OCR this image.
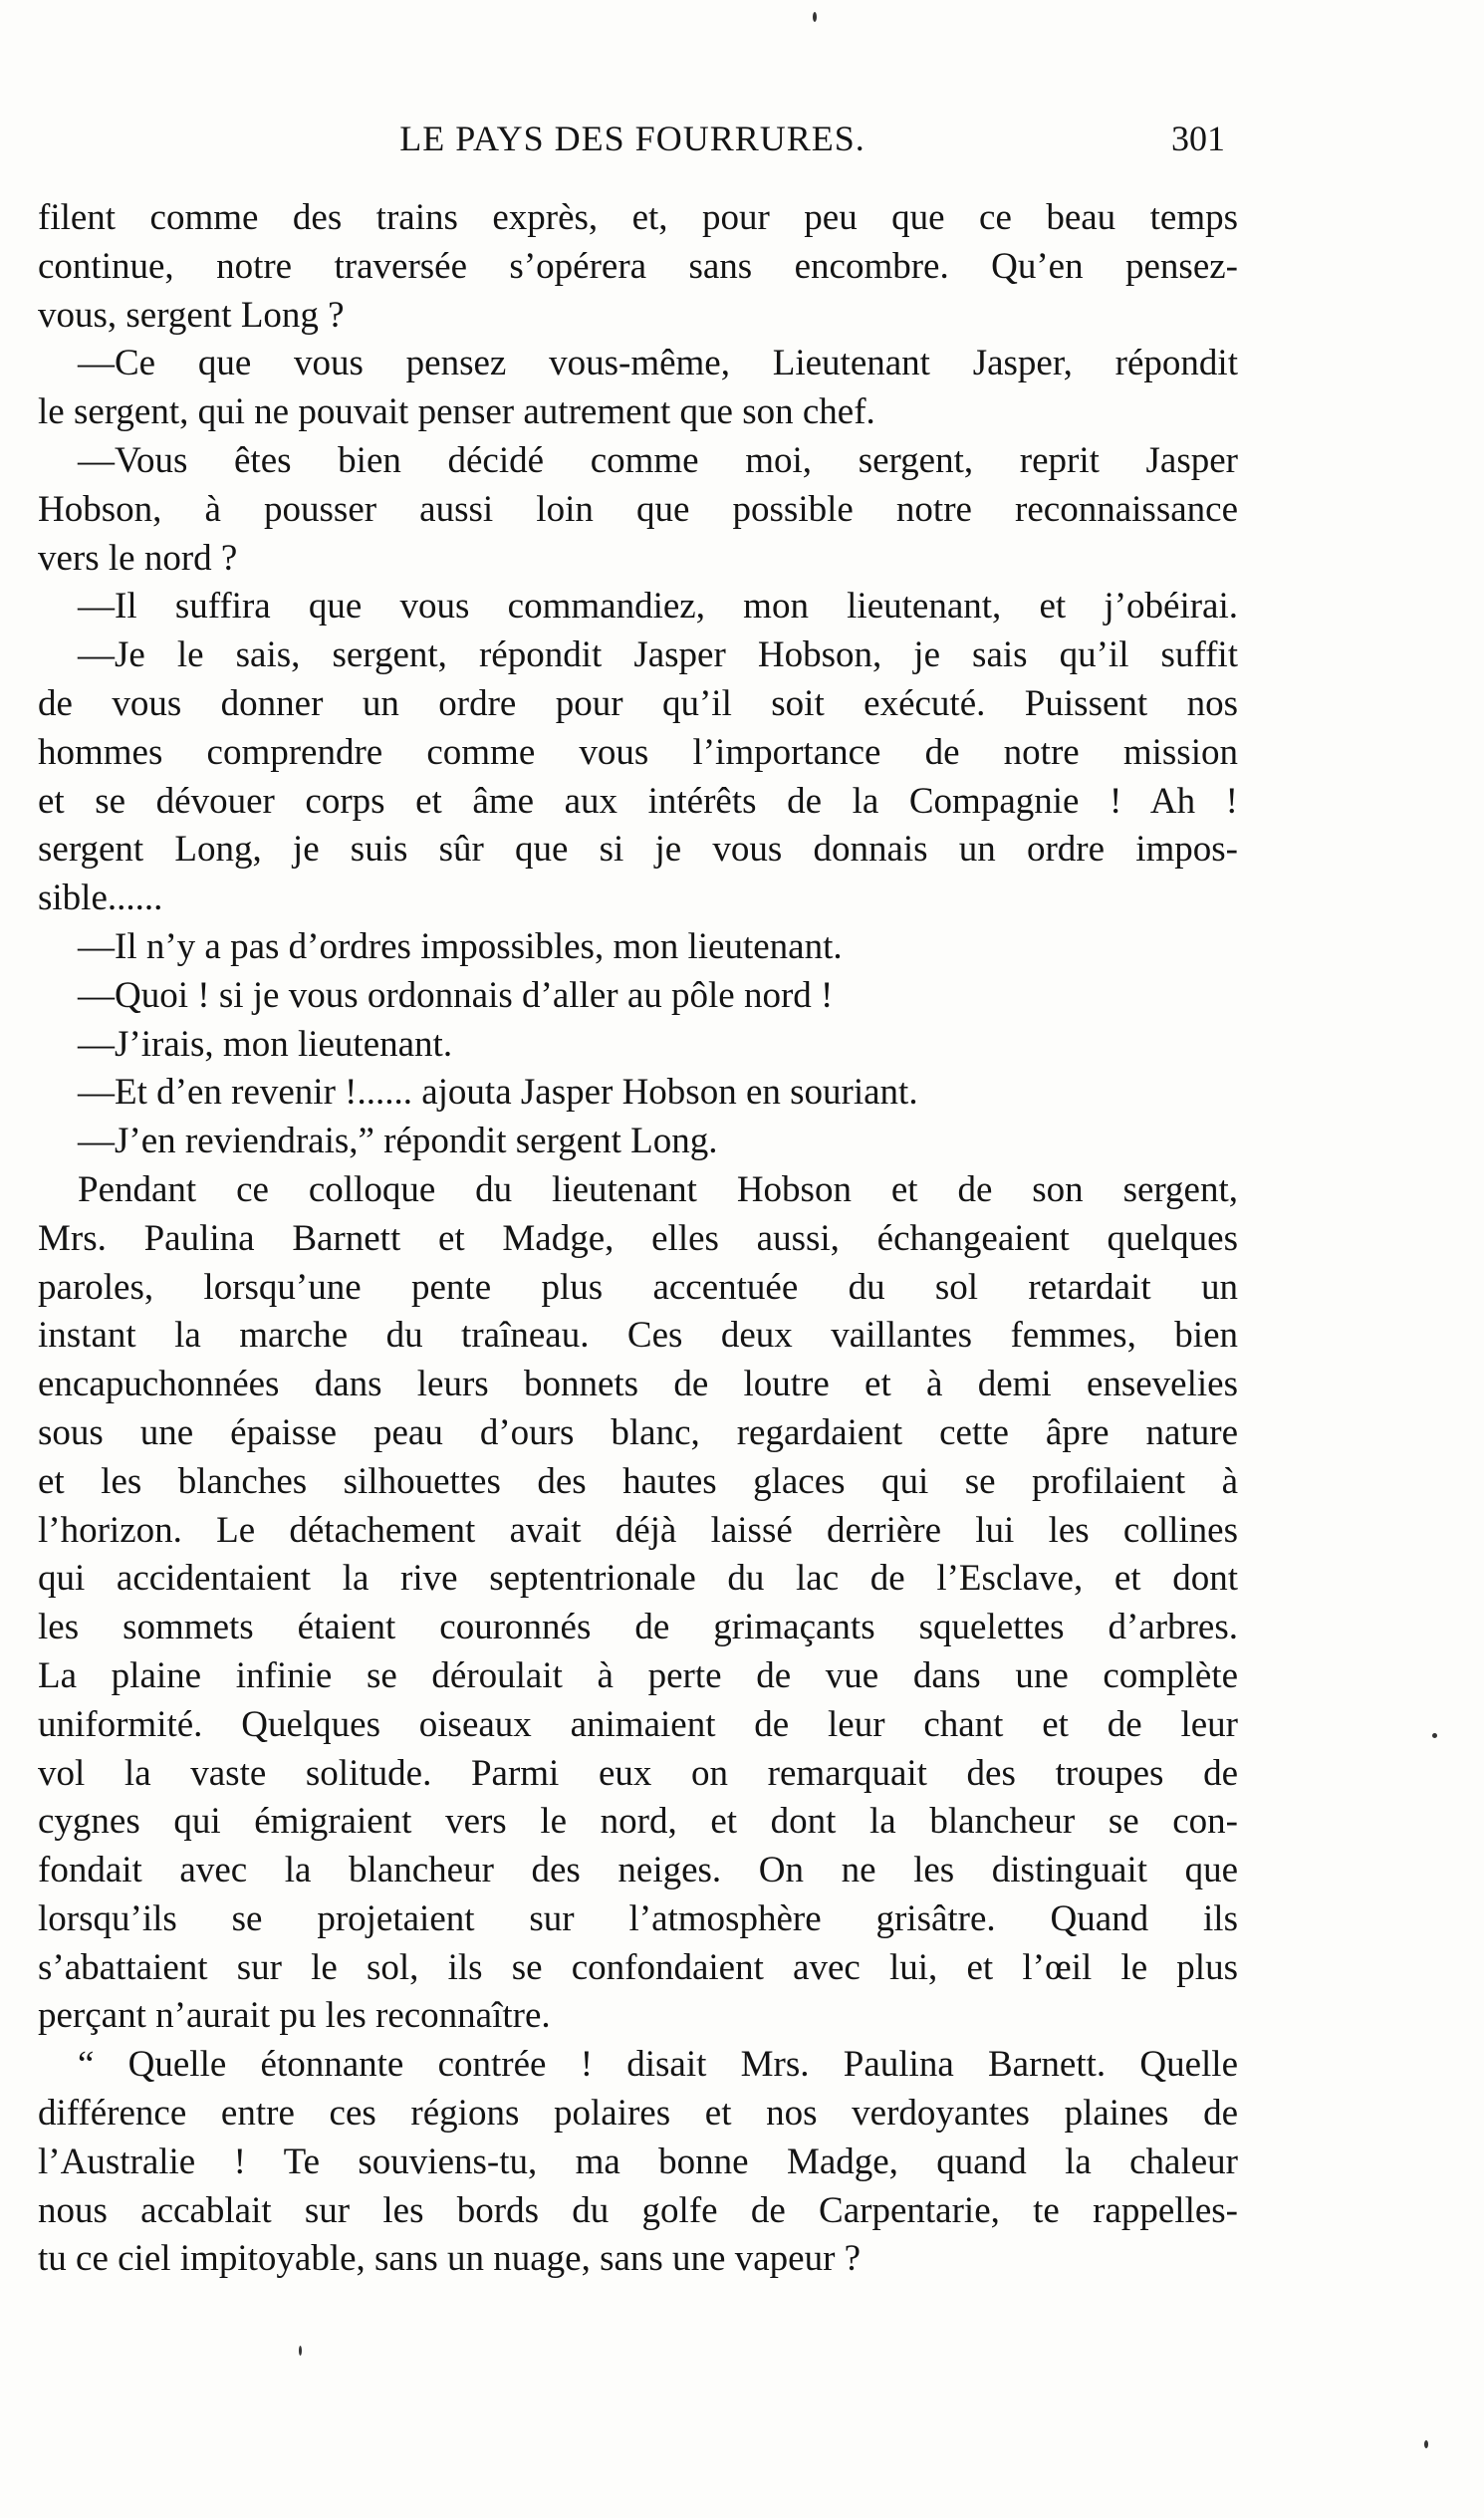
LE PAYS DES FOURRURES.	301
filent comme des trains exprès, et, pour peu que ce beau temps
continue, notre traversée s’opérera sans encombre. Qu’en pensez-
vous, sergent Long ?
—Ce que vous pensez vous-même, Lieutenant Jasper, répondit
le sergent, qui ne pouvait penser autrement que son chef.
—Vous êtes bien décidé comme moi, sergent, reprit Jasper
Hobson, à pousser aussi loin que possible notre reconnaissance
vers le nord ?
—Il suffira que vous commandiez, mon lieutenant, et j’obéirai.
—Je le sais, sergent, répondit Jasper Hobson, je sais qu’il suffit
de vous donner un ordre pour qu’il soit exécuté. Puissent nos
hommes comprendre comme vous l’importance de notre mission
et se dévouer corps et âme aux intérêts de la Compagnie ! Ah !
sergent Long, je suis sûr que si je vous donnais un ordre impos-
sible......
—Il n’y a pas d’ordres impossibles, mon lieutenant.
—Quoi ! si je vous ordonnais d’aller au pôle nord !
—J’irais, mon lieutenant.
—Et d’en revenir !...... ajouta Jasper Hobson en souriant.
—J’en reviendrais,” répondit sergent Long.
Pendant ce colloque du lieutenant Hobson et de son sergent,
Mrs. Paulina Barnett et Madge, elles aussi, échangeaient quelques
paroles, lorsqu’une pente plus accentuée du sol retardait un
instant la marche du traîneau. Ces deux vaillantes femmes, bien
encapuchonnées dans leurs bonnets de loutre et à demi ensevelies
sous une épaisse peau d’ours blanc, regardaient cette âpre nature
et les blanches silhouettes des hautes glaces qui se profilaient à
l’horizon. Le détachement avait déjà laissé derrière lui les collines
qui accidentaient la rive septentrionale du lac de l’Esclave, et dont
les sommets étaient couronnés de grimaçants squelettes d’arbres.
La plaine infinie se déroulait à perte de vue dans une complète
uniformité. Quelques oiseaux animaient de leur chant et de leur
vol la vaste solitude. Parmi eux on remarquait des troupes de
cygnes qui émigraient vers le nord, et dont la blancheur se con-
fondait avec la blancheur des neiges. On ne les distinguait que
lorsqu’ils se projetaient sur l’atmosphère grisâtre. Quand ils
s’abattaient sur le sol, ils se confondaient avec lui, et l’œil le plus
perçant n’aurait pu les reconnaître.
“ Quelle étonnante contrée ! disait Mrs. Paulina Barnett. Quelle
différence entre ces régions polaires et nos verdoyantes plaines de
l’Australie ! Te souviens-tu, ma bonne Madge, quand la chaleur
nous accablait sur les bords du golfe de Carpentarie, te rappelles-
tu ce ciel impitoyable, sans un nuage, sans une vapeur ?
